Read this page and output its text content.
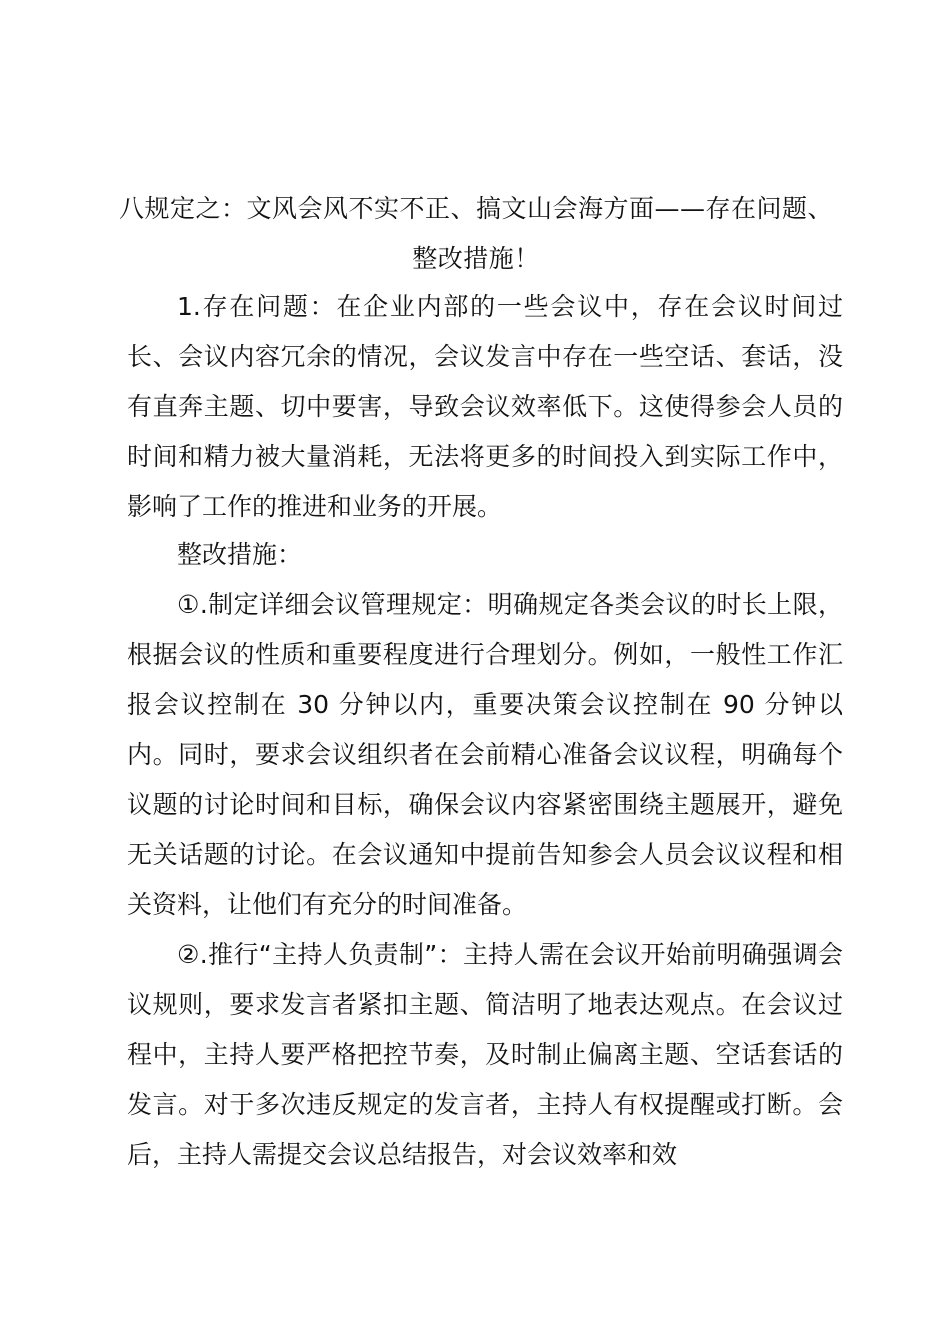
八规定之：文风会风不实不正、搞文山会海方面——存在问题、整改措施！

1.存在问题：在企业内部的一些会议中，存在会议时间过长、会议内容冗余的情况，会议发言中存在一些空话、套话，没有直奔主题、切中要害，导致会议效率低下。这使得参会人员的时间和精力被大量消耗，无法将更多的时间投入到实际工作中，影响了工作的推进和业务的开展。

整改措施：

①.制定详细会议管理规定：明确规定各类会议的时长上限，根据会议的性质和重要程度进行合理划分。例如，一般性工作汇报会议控制在 30 分钟以内，重要决策会议控制在 90 分钟以内。同时，要求会议组织者在会前精心准备会议议程，明确每个议题的讨论时间和目标，确保会议内容紧密围绕主题展开，避免无关话题的讨论。在会议通知中提前告知参会人员会议议程和相关资料，让他们有充分的时间准备。

②.推行“主持人负责制”：主持人需在会议开始前明确强调会议规则，要求发言者紧扣主题、简洁明了地表达观点。在会议过程中，主持人要严格把控节奏，及时制止偏离主题、空话套话的发言。对于多次违反规定的发言者，主持人有权提醒或打断。会后，主持人需提交会议总结报告，对会议效率和效
